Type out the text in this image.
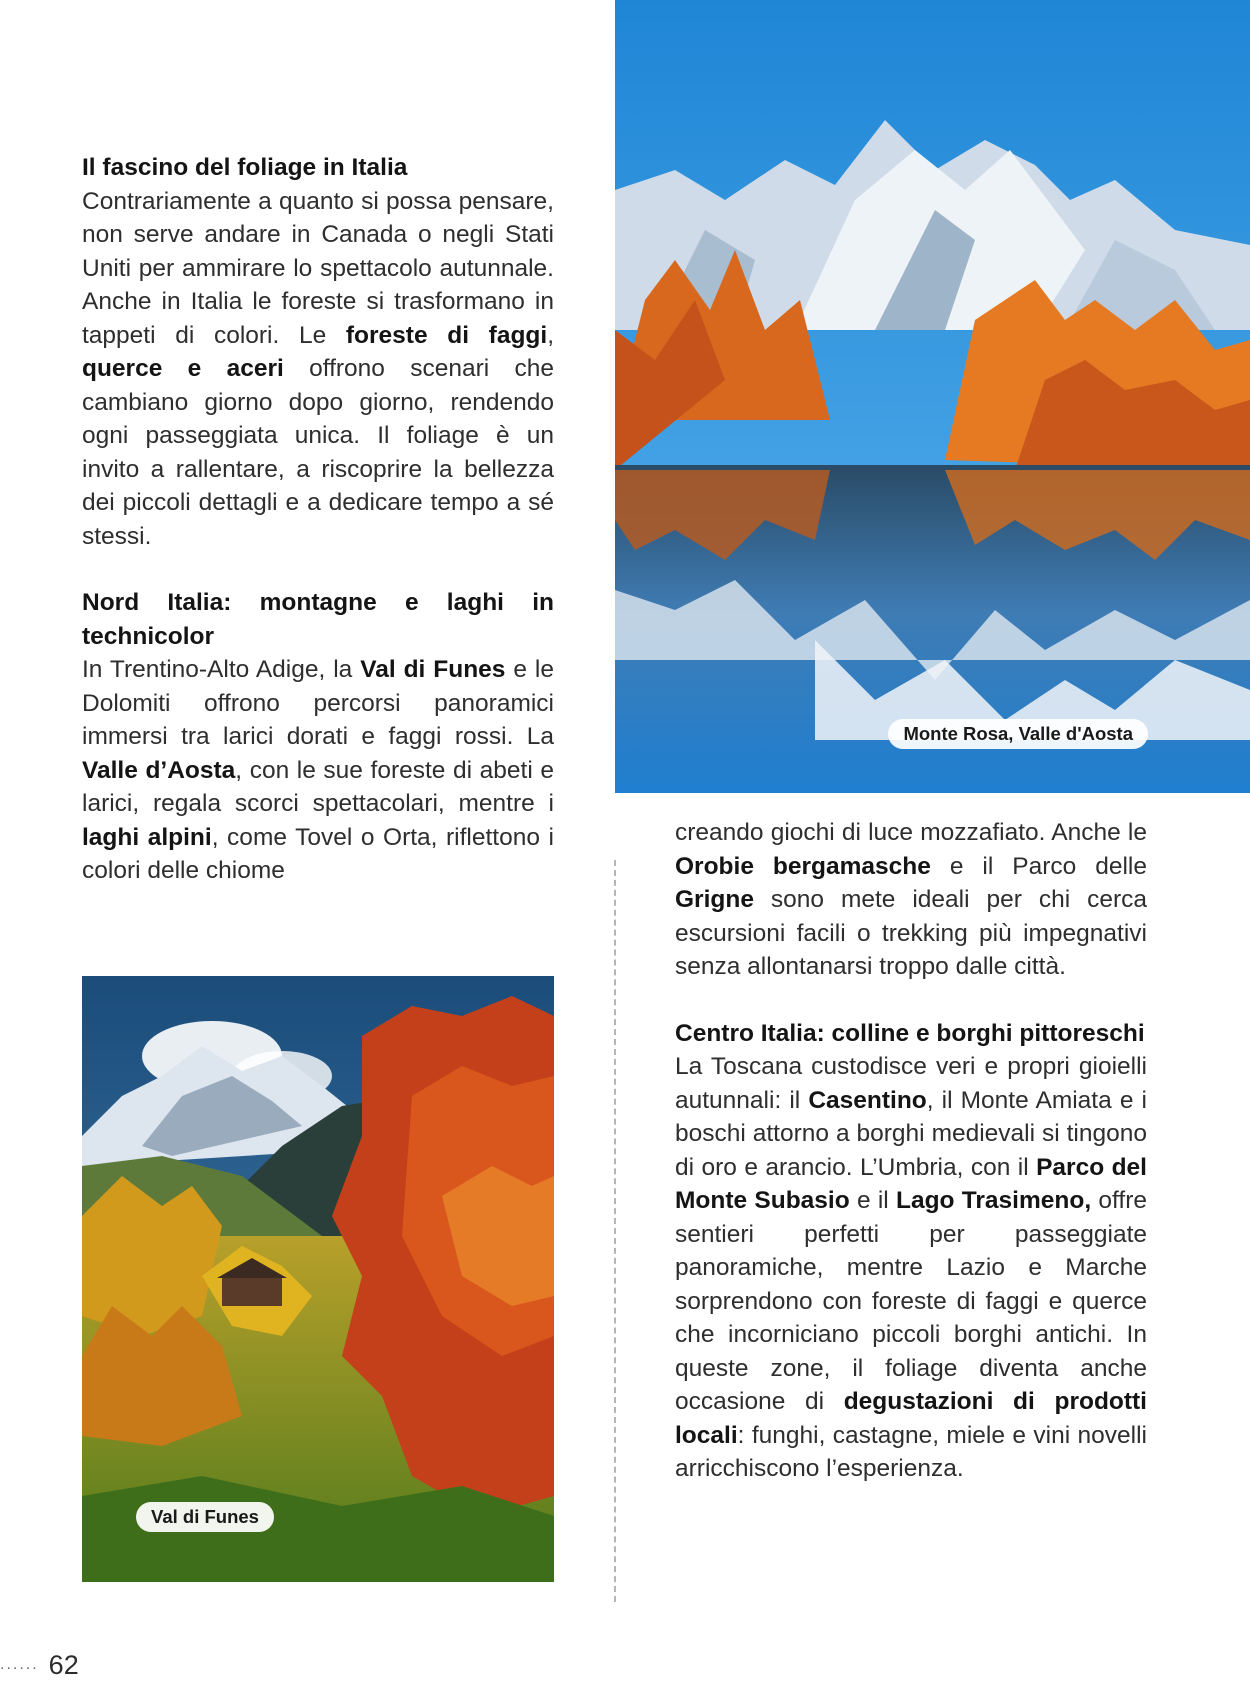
Il fascino del foliage in Italia

Contrariamente a quanto si possa pensare, non serve andare in Canada o negli Stati Uniti per ammirare lo spettacolo autunnale. Anche in Italia le foreste si trasformano in tappeti di colori. Le foreste di faggi, querce e aceri offrono scenari che cambiano giorno dopo giorno, rendendo ogni passeggiata unica. Il foliage è un invito a rallentare, a riscoprire la bellezza dei piccoli dettagli e a dedicare tempo a sé stessi.

Nord Italia: montagne e laghi in technicolor

In Trentino-Alto Adige, la Val di Funes e le Dolomiti offrono percorsi panoramici immersi tra larici dorati e faggi rossi. La Valle d’Aosta, con le sue foreste di abeti e larici, regala scorci spettacolari, mentre i laghi alpini, come Tovel o Orta, riflettono i colori delle chiome

creando giochi di luce mozzafiato. Anche le Orobie bergamasche e il Parco delle Grigne sono mete ideali per chi cerca escursioni facili o trekking più impegnativi senza allontanarsi troppo dalle città.

Centro Italia: colline e borghi pittoreschi

La Toscana custodisce veri e propri gioielli autunnali: il Casentino, il Monte Amiata e i boschi attorno a borghi medievali si tingono di oro e arancio. L’Umbria, con il Parco del Monte Subasio e il Lago Trasimeno, offre sentieri perfetti per passeggiate panoramiche, mentre Lazio e Marche sorprendono con foreste di faggi e querce che incorniciano piccoli borghi antichi. In queste zone, il foliage diventa anche occasione di degustazioni di prodotti locali: funghi, castagne, miele e vini novelli arricchiscono l’esperienza.

Monte Rosa, Valle d'Aosta
Val di Funes
...... 62
